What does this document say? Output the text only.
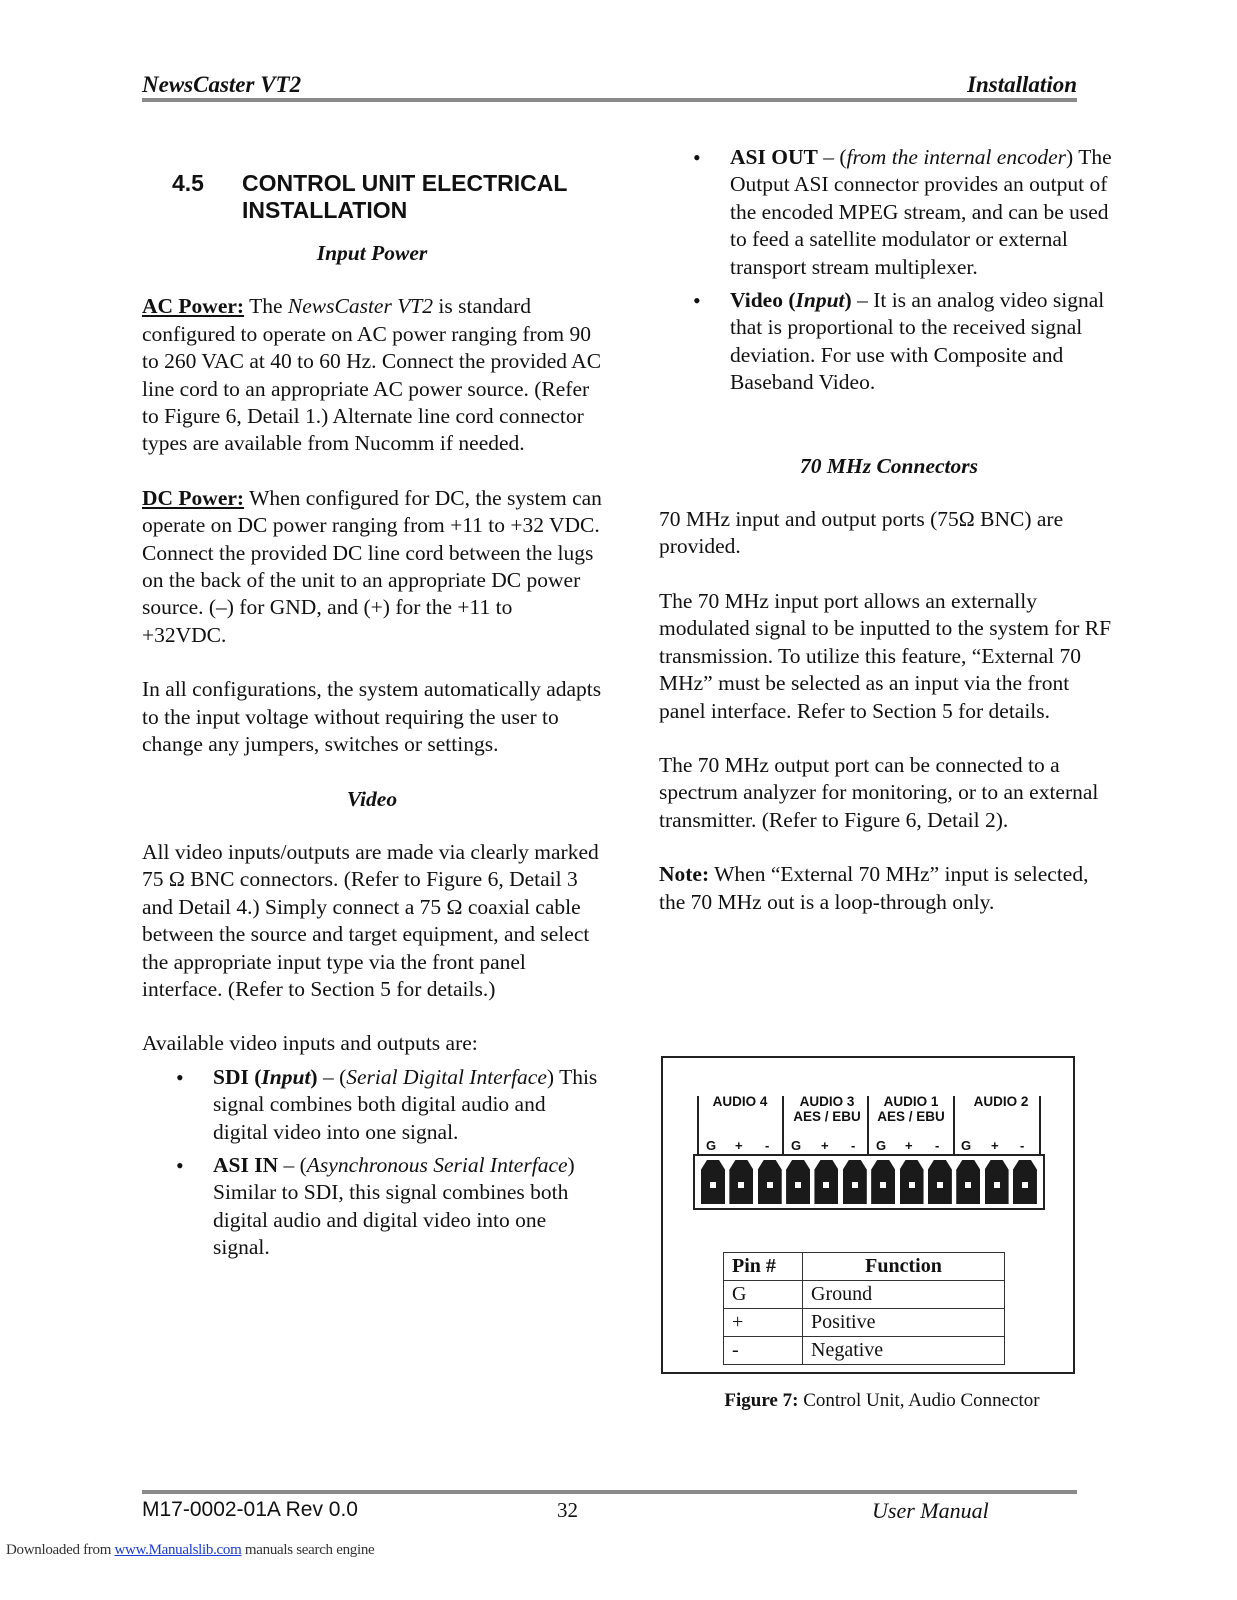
NewsCaster VT2	Installation

4.5	CONTROL UNIT ELECTRICAL
INSTALLATION

Input Power

AC Power: The NewsCaster VT2 is standard configured to operate on AC power ranging from 90 to 260 VAC at 40 to 60 Hz. Connect the provided AC line cord to an appropriate AC power source. (Refer to Figure 6, Detail 1.) Alternate line cord connector types are available from Nucomm if needed.

DC Power: When configured for DC, the system can operate on DC power ranging from +11 to +32 VDC. Connect the provided DC line cord between the lugs on the back of the unit to an appropriate DC power source. (–) for GND, and (+) for the +11 to +32VDC.

In all configurations, the system automatically adapts to the input voltage without requiring the user to change any jumpers, switches or settings.

Video

All video inputs/outputs are made via clearly marked 75 Ω BNC connectors. (Refer to Figure 6, Detail 3 and Detail 4.) Simply connect a 75 Ω coaxial cable between the source and target equipment, and select the appropriate input type via the front panel interface. (Refer to Section 5 for details.)

Available video inputs and outputs are:

• SDI (Input) – (Serial Digital Interface) This signal combines both digital audio and digital video into one signal.
• ASI IN – (Asynchronous Serial Interface) Similar to SDI, this signal combines both digital audio and digital video into one signal.
• ASI OUT – (from the internal encoder) The Output ASI connector provides an output of the encoded MPEG stream, and can be used to feed a satellite modulator or external transport stream multiplexer.
• Video (Input) – It is an analog video signal that is proportional to the received signal deviation. For use with Composite and Baseband Video.

70 MHz Connectors

70 MHz input and output ports (75Ω BNC) are provided.

The 70 MHz input port allows an externally modulated signal to be inputted to the system for RF transmission. To utilize this feature, “External 70 MHz” must be selected as an input via the front panel interface. Refer to Section 5 for details.

The 70 MHz output port can be connected to a spectrum analyzer for monitoring, or to an external transmitter. (Refer to Figure 6, Detail 2).

Note: When “External 70 MHz” input is selected, the 70 MHz out is a loop-through only.

AUDIO 4	AUDIO 3
AES / EBU
AUDIO 1
AES / EBU
AUDIO 2
G + - G + - G + - G + -
Pin #	Function
G	Ground
+	Positive
-	Negative
Figure 7: Control Unit, Audio Connector
M17-0002-01A Rev 0.0	32	User Manual
Downloaded from www.Manualslib.com manuals search engine
